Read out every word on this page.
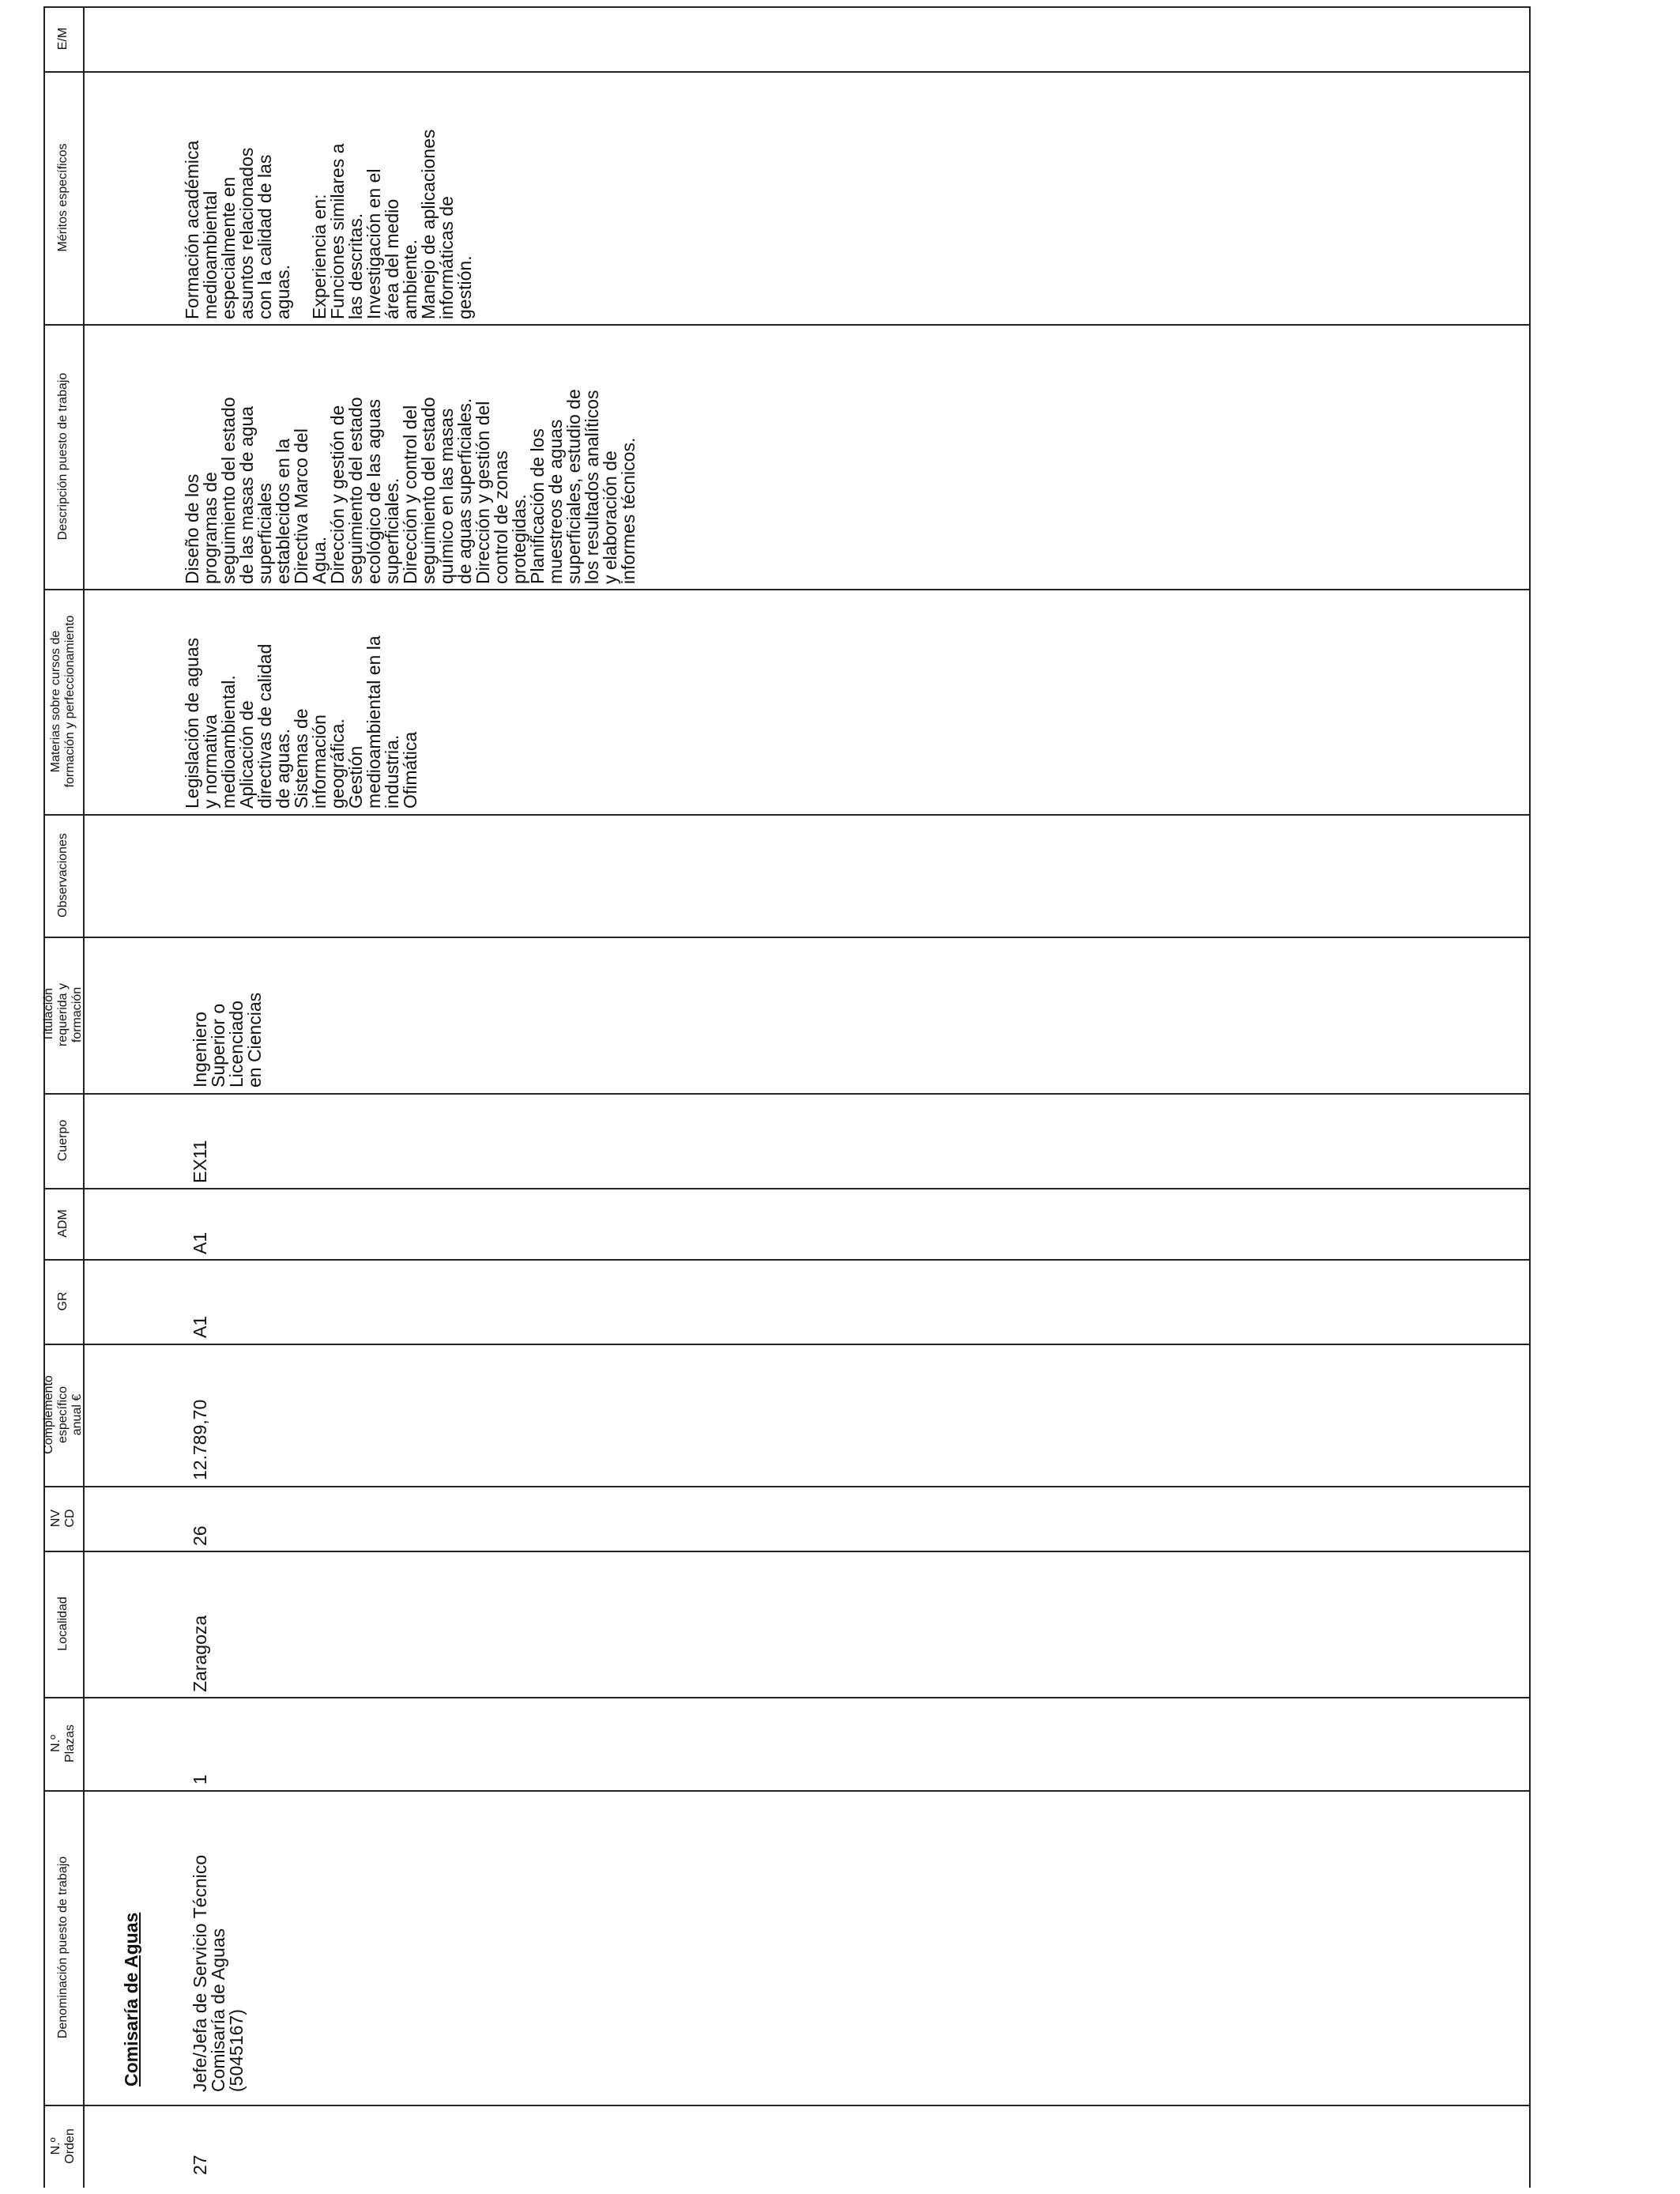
E/M
Méritos específicos
Descripción puesto de trabajo
Materias sobre cursos de formación y perfeccionamiento
Observaciones
Titulación requerida y formación
Cuerpo
ADM
GR
Complemento específico anual €
NV CD
Localidad
N.º Plazas
Denominación puesto de trabajo
N.º Orden
Comisaría de Aguas
27
Jefe/Jefa de Servicio Técnico
Comisaría de Aguas
(5045167)
1
Zaragoza
26
12.789,70
A1
A1
EX11
Ingeniero
Superior o
Licenciado
en Ciencias
Legislación de aguas
y normativa
medioambiental.
Aplicación de
directivas de calidad
de aguas.
Sistemas de
información
geográfica.
Gestión
medioambiental en la
industria.
Ofimática
Diseño de los
programas de
seguimiento del estado
de las masas de agua
superficiales
establecidos en la
Directiva Marco del
Agua.
Dirección y gestión de
seguimiento del estado
ecológico de las aguas
superficiales.
Dirección y control del
seguimiento del estado
químico en las masas
de aguas superficiales.
Dirección y gestión del
control de zonas
protegidas.
Planificación de los
muestreos de aguas
superficiales, estudio de
los resultados analíticos
y elaboración de
informes técnicos.
Formación académica
medioambiental
especialmente en
asuntos relacionados
con la calidad de las
aguas.
Experiencia en:
Funciones similares a
las descritas.
Investigación en el
área del medio
ambiente.
Manejo de aplicaciones
informáticas de
gestión.
